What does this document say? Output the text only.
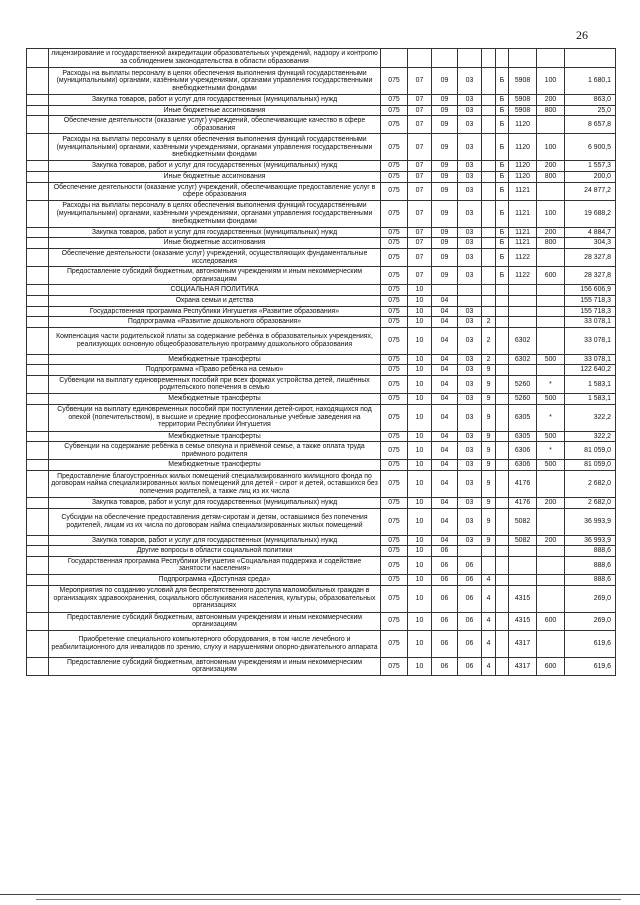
26
	лицензирование и государственной аккредитации образовательных учреждений, надзору и контролю за соблюдением законодательства в области образования									
	Расходы на выплаты персоналу в целях обеспечения выполнения функций государственными (муниципальными) органами, казёнными учреждениями, органами управления государственными внебюджетными фондами	075	07	09	03		Б	5908	100	1 680,1
	Закупка товаров, работ и услуг для государственных (муниципальных) нужд	075	07	09	03		Б	5908	200	863,0
	Иные бюджетные ассигнования	075	07	09	03		Б	5908	800	25,0
	Обеспечение деятельности (оказание услуг) учреждений, обеспечивающие качество в сфере образования	075	07	09	03		Б	1120		8 657,8
	Расходы на выплаты персоналу в целях обеспечения выполнения функций государственными (муниципальными) органами, казёнными учреждениями, органами управления государственными внебюджетными фондами	075	07	09	03		Б	1120	100	6 900,5
	Закупка товаров, работ и услуг для государственных (муниципальных) нужд	075	07	09	03		Б	1120	200	1 557,3
	Иные бюджетные ассигнования	075	07	09	03		Б	1120	800	200,0
	Обеспечение деятельности (оказание услуг) учреждений, обеспечивающие предоставление услуг в сфере образования	075	07	09	03		Б	1121		24 877,2
	Расходы на выплаты персоналу в целях обеспечения выполнения функций государственными (муниципальными) органами, казёнными учреждениями, органами управления государственными внебюджетными фондами	075	07	09	03		Б	1121	100	19 688,2
	Закупка товаров, работ и услуг для государственных (муниципальных) нужд	075	07	09	03		Б	1121	200	4 884,7
	Иные бюджетные ассигнования	075	07	09	03		Б	1121	800	304,3
	Обеспечение деятельности (оказание услуг) учреждений, осуществляющих фундаментальные исследования	075	07	09	03		Б	1122		28 327,8
	Предоставление субсидий бюджетным, автономным учреждениям и иным некоммерческим организациям	075	07	09	03		Б	1122	600	28 327,8
	СОЦИАЛЬНАЯ ПОЛИТИКА	075	10							156 606,9
	Охрана семьи и детства	075	10	04						155 718,3
	Государственная программа Республики Ингушетия «Развитие образования»	075	10	04	03					155 718,3
	Подпрограмма «Развитие дошкольного образования»	075	10	04	03	2				33 078,1
	Компенсация части родительской платы за содержание ребёнка в образовательных учреждениях, реализующих основную общеобразовательную программу дошкольного образования	075	10	04	03	2		6302		33 078,1
	Межбюджетные трансферты	075	10	04	03	2		6302	500	33 078,1
	Подпрограмма «Право ребёнка на семью»	075	10	04	03	9				122 640,2
	Субвенции на выплату единовременных пособий при всех формах устройства детей, лишённых родительского попечения в семью	075	10	04	03	9		5260	*	1 583,1
	Межбюджетные трансферты	075	10	04	03	9		5260	500	1 583,1
	Субвенции на выплату единовременных пособий при поступлении детей-сирот, находящихся под опекой (попечительством), в высшие и средние профессиональные учебные заведения на территории Республики Ингушетия	075	10	04	03	9		6305	*	322,2
	Межбюджетные трансферты	075	10	04	03	9		6305	500	322,2
	Субвенции на содержание ребёнка в семье опекуна и приёмной семье, а также оплата труда приёмного родителя	075	10	04	03	9		6306	*	81 059,0
	Межбюджетные трансферты	075	10	04	03	9		6306	500	81 059,0
	Предоставление благоустроенных жилых помещений специализированного жилищного фонда по договорам найма специализированных жилых помещений для детей - сирот и детей, оставшихся без попечения родителей, а также лиц из их числа	075	10	04	03	9		4176		2 682,0
	Закупка товаров, работ и услуг для государственных (муниципальных) нужд	075	10	04	03	9		4176	200	2 682,0
	Субсидии на обеспечение предоставления детям-сиротам и детям, оставшимся без попечения родителей, лицам из их числа по договорам найма специализированных жилых помещений	075	10	04	03	9		5082		36 993,9
	Закупка товаров, работ и услуг для государственных (муниципальных) нужд	075	10	04	03	9		5082	200	36 993,9
	Другие вопросы в области социальной политики	075	10	06						888,6
	Государственная программа Республики Ингушетия «Социальная поддержка и содействие занятости населения»	075	10	06	06					888,6
	Подпрограмма «Доступная среда»	075	10	06	06	4				888,6
	Мероприятия по созданию условий для беспрепятственного доступа маломобильных граждан в организациях здравоохранения, социального обслуживания населения, культуры, образовательных организациях	075	10	06	06	4		4315		269,0
	Предоставление субсидий бюджетным, автономным учреждениям и иным некоммерческим организациям	075	10	06	06	4		4315	600	269,0
	Приобретение специального компьютерного оборудования, в том числе лечебного и реабилитационного для инвалидов по зрению, слуху и нарушениями опорно-двигательного аппарата	075	10	06	06	4		4317		619,6
	Предоставление субсидий бюджетным, автономным учреждениям и иным некоммерческим организациям	075	10	06	06	4		4317	600	619,6
